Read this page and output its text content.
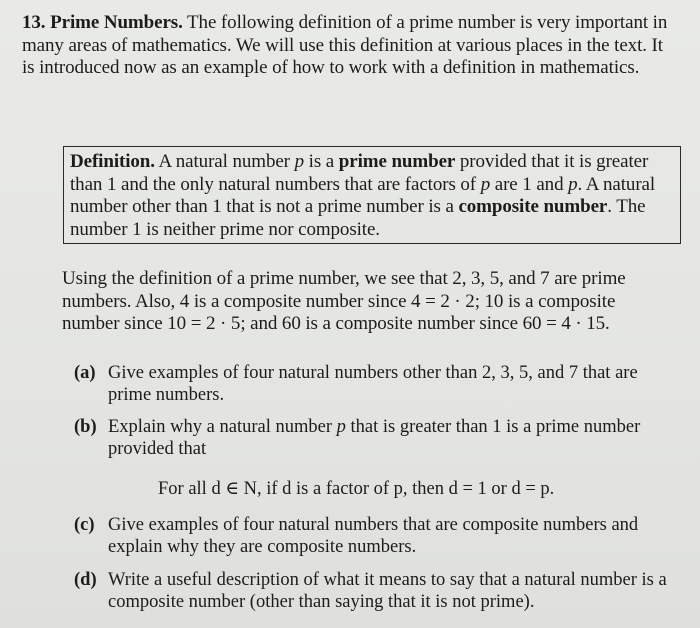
13. Prime Numbers. The following definition of a prime number is very important in many areas of mathematics. We will use this definition at various places in the text. It is introduced now as an example of how to work with a definition in mathematics.

Definition. A natural number p is a prime number provided that it is greater than 1 and the only natural numbers that are factors of p are 1 and p. A natural number other than 1 that is not a prime number is a composite number. The number 1 is neither prime nor composite.

Using the definition of a prime number, we see that 2, 3, 5, and 7 are prime numbers. Also, 4 is a composite number since 4 = 2 · 2; 10 is a composite number since 10 = 2 · 5; and 60 is a composite number since 60 = 4 · 15.

(a) Give examples of four natural numbers other than 2, 3, 5, and 7 that are prime numbers.
(b) Explain why a natural number p that is greater than 1 is a prime number provided that
For all d ∈ N, if d is a factor of p, then d = 1 or d = p.
(c) Give examples of four natural numbers that are composite numbers and explain why they are composite numbers.
(d) Write a useful description of what it means to say that a natural number is a composite number (other than saying that it is not prime).
